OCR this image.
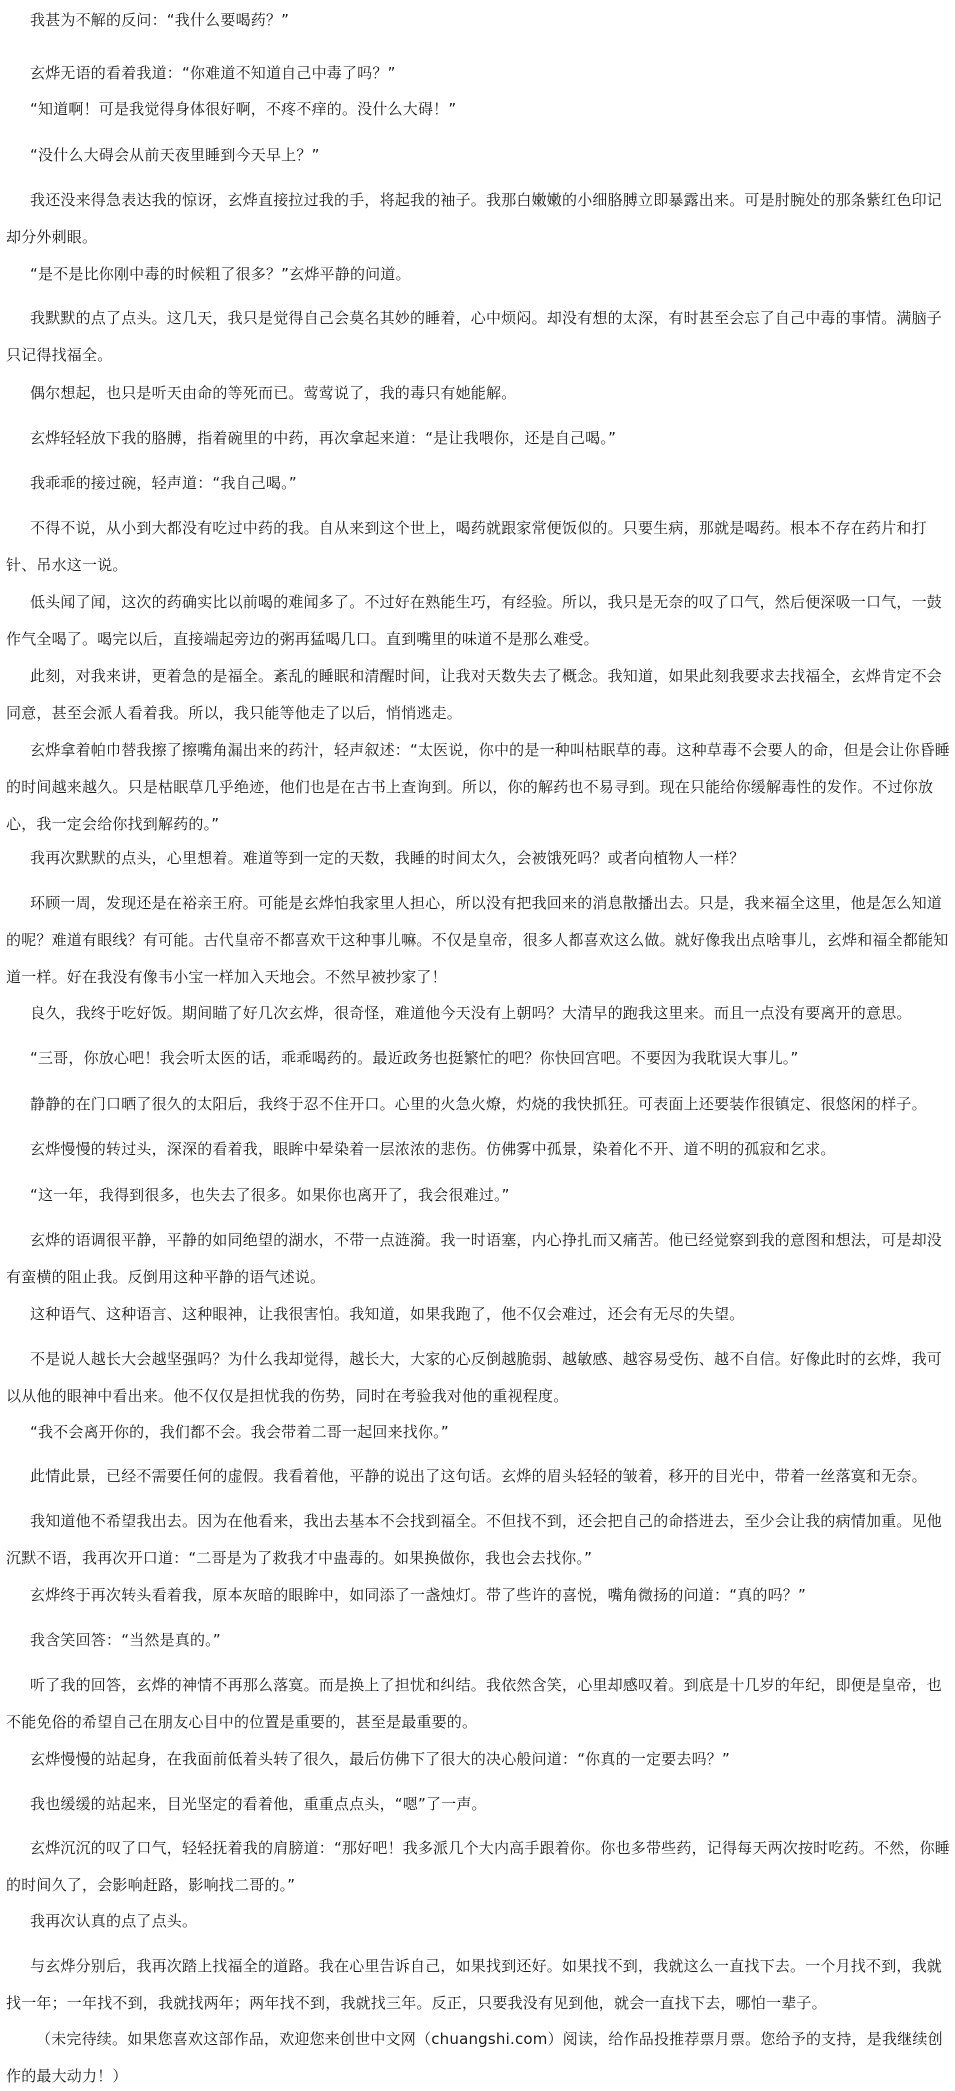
我甚为不解的反问：“我什么要喝药？”

玄烨无语的看着我道：“你难道不知道自己中毒了吗？”

“知道啊！可是我觉得身体很好啊，不疼不痒的。没什么大碍！”

“没什么大碍会从前天夜里睡到今天早上？”

我还没来得急表达我的惊讶，玄烨直接拉过我的手，将起我的袖子。我那白嫩嫩的小细胳膊立即暴露出来。可是肘腕处的那条紫红色印记却分外刺眼。

“是不是比你刚中毒的时候粗了很多？”玄烨平静的问道。

我默默的点了点头。这几天，我只是觉得自己会莫名其妙的睡着，心中烦闷。却没有想的太深，有时甚至会忘了自己中毒的事情。满脑子只记得找福全。

偶尔想起，也只是听天由命的等死而已。莺莺说了，我的毒只有她能解。

玄烨轻轻放下我的胳膊，指着碗里的中药，再次拿起来道：“是让我喂你，还是自己喝。”

我乖乖的接过碗，轻声道：“我自己喝。”

不得不说，从小到大都没有吃过中药的我。自从来到这个世上，喝药就跟家常便饭似的。只要生病，那就是喝药。根本不存在药片和打针、吊水这一说。

低头闻了闻，这次的药确实比以前喝的难闻多了。不过好在熟能生巧，有经验。所以，我只是无奈的叹了口气，然后便深吸一口气，一鼓作气全喝了。喝完以后，直接端起旁边的粥再猛喝几口。直到嘴里的味道不是那么难受。

此刻，对我来讲，更着急的是福全。紊乱的睡眠和清醒时间，让我对天数失去了概念。我知道，如果此刻我要求去找福全，玄烨肯定不会同意，甚至会派人看着我。所以，我只能等他走了以后，悄悄逃走。

玄烨拿着帕巾替我擦了擦嘴角漏出来的药汁，轻声叙述：“太医说，你中的是一种叫枯眠草的毒。这种草毒不会要人的命，但是会让你昏睡的时间越来越久。只是枯眠草几乎绝迹，他们也是在古书上查询到。所以，你的解药也不易寻到。现在只能给你缓解毒性的发作。不过你放心，我一定会给你找到解药的。”

我再次默默的点头，心里想着。难道等到一定的天数，我睡的时间太久，会被饿死吗？或者向植物人一样？

环顾一周，发现还是在裕亲王府。可能是玄烨怕我家里人担心，所以没有把我回来的消息散播出去。只是，我来福全这里，他是怎么知道的呢？难道有眼线？有可能。古代皇帝不都喜欢干这种事儿嘛。不仅是皇帝，很多人都喜欢这么做。就好像我出点啥事儿，玄烨和福全都能知道一样。好在我没有像韦小宝一样加入天地会。不然早被抄家了！

良久，我终于吃好饭。期间瞄了好几次玄烨，很奇怪，难道他今天没有上朝吗？大清早的跑我这里来。而且一点没有要离开的意思。

“三哥，你放心吧！我会听太医的话，乖乖喝药的。最近政务也挺繁忙的吧？你快回宫吧。不要因为我耽误大事儿。”

静静的在门口晒了很久的太阳后，我终于忍不住开口。心里的火急火燎，灼烧的我快抓狂。可表面上还要装作很镇定、很悠闲的样子。

玄烨慢慢的转过头，深深的看着我，眼眸中晕染着一层浓浓的悲伤。仿佛雾中孤景，染着化不开、道不明的孤寂和乞求。

“这一年，我得到很多，也失去了很多。如果你也离开了，我会很难过。”

玄烨的语调很平静，平静的如同绝望的湖水，不带一点涟漪。我一时语塞，内心挣扎而又痛苦。他已经觉察到我的意图和想法，可是却没有蛮横的阻止我。反倒用这种平静的语气述说。

这种语气、这种语言、这种眼神，让我很害怕。我知道，如果我跑了，他不仅会难过，还会有无尽的失望。

不是说人越长大会越坚强吗？为什么我却觉得，越长大，大家的心反倒越脆弱、越敏感、越容易受伤、越不自信。好像此时的玄烨，我可以从他的眼神中看出来。他不仅仅是担忧我的伤势，同时在考验我对他的重视程度。

“我不会离开你的，我们都不会。我会带着二哥一起回来找你。”

此情此景，已经不需要任何的虚假。我看着他，平静的说出了这句话。玄烨的眉头轻轻的皱着，移开的目光中，带着一丝落寞和无奈。

我知道他不希望我出去。因为在他看来，我出去基本不会找到福全。不但找不到，还会把自己的命搭进去，至少会让我的病情加重。见他沉默不语，我再次开口道：“二哥是为了救我才中蛊毒的。如果换做你，我也会去找你。”

玄烨终于再次转头看着我，原本灰暗的眼眸中，如同添了一盏烛灯。带了些许的喜悦，嘴角微扬的问道：“真的吗？”

我含笑回答：“当然是真的。”

听了我的回答，玄烨的神情不再那么落寞。而是换上了担忧和纠结。我依然含笑，心里却感叹着。到底是十几岁的年纪，即便是皇帝，也不能免俗的希望自己在朋友心目中的位置是重要的，甚至是最重要的。

玄烨慢慢的站起身，在我面前低着头转了很久，最后仿佛下了很大的决心般问道：“你真的一定要去吗？”

我也缓缓的站起来，目光坚定的看着他，重重点点头，“嗯”了一声。

玄烨沉沉的叹了口气，轻轻抚着我的肩膀道：“那好吧！我多派几个大内高手跟着你。你也多带些药，记得每天两次按时吃药。不然，你睡的时间久了，会影响赶路，影响找二哥的。”

我再次认真的点了点头。

与玄烨分别后，我再次踏上找福全的道路。我在心里告诉自己，如果找到还好。如果找不到，我就这么一直找下去。一个月找不到，我就找一年；一年找不到，我就找两年；两年找不到，我就找三年。反正，只要我没有见到他，就会一直找下去，哪怕一辈子。

（未完待续。如果您喜欢这部作品，欢迎您来创世中文网（chuangshi.com）阅读，给作品投推荐票月票。您给予的支持，是我继续创作的最大动力！）
